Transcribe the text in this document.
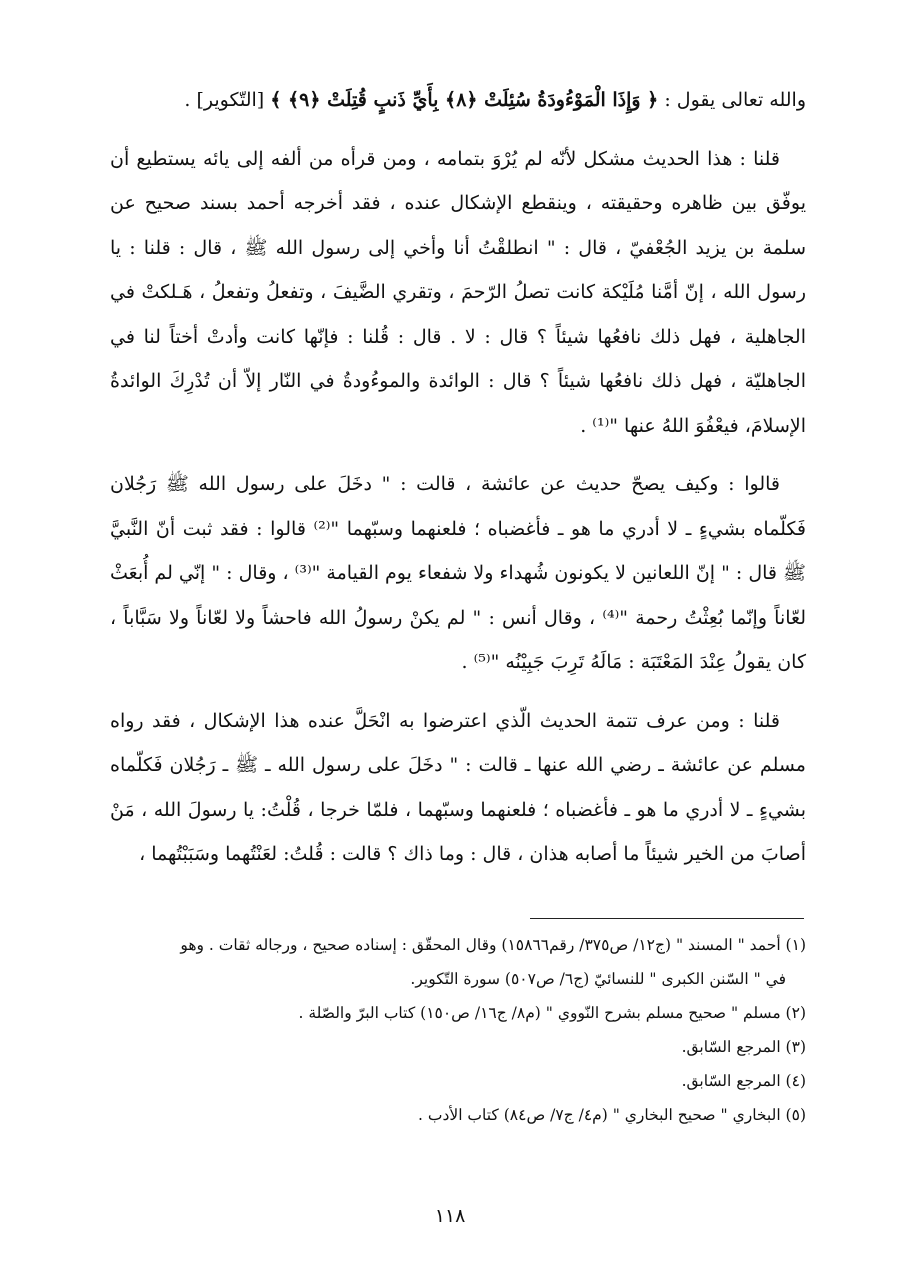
والله تعالى يقول : ﴿ وَإِذَا الْمَوْءُودَةُ سُئِلَتْ ﴿٨﴾ بِأَيِّ ذَنبٍ قُتِلَتْ ﴿٩﴾ ﴾ [التّكوير] .

قلنا : هذا الحديث مشكل لأنّه لم يُرْوَ بتمامه ، ومن قرأه من ألفه إلى يائه يستطيع أن يوفّق بين ظاهره وحقيقته ، وينقطع الإشكال عنده ، فقد أخرجه أحمد بسند صحيح عن سلمة بن يزيد الجُعْفيّ ، قال : " انطلقْتُ أنا وأخي إلى رسول الله ﷺ ، قال : قلنا : يا رسول الله ، إنّ أمَّنا مُلَيْكة كانت تصلُ الرّحمَ ، وتقري الضَّيفَ ، وتفعلُ وتفعلُ ، هَـلكتْ في الجاهلية ، فهل ذلك نافعُها شيئاً ؟ قال : لا . قال : قُلنا : فإنّها كانت وأدتْ أختاً لنا في الجاهليّة ، فهل ذلك نافعُها شيئاً ؟ قال : الوائدة والموءُودةُ في النّار إلاّ أن تُدْرِكَ الوائدةُ الإسلامَ، فيعْفُوَ اللهُ عنها "⁽¹⁾ .

قالوا : وكيف يصحّ حديث عن عائشة ، قالت : " دخَلَ على رسول الله ﷺ رَجُلان فَكلّماه بشيءٍ ـ لا أدري ما هو ـ فأغضباه ؛ فلعنهما وسبّهما "⁽²⁾ قالوا : فقد ثبت أنّ النَّبيَّ ﷺ قال : " إنّ اللعانين لا يكونون شُهداء ولا شفعاء يوم القيامة "⁽³⁾ ، وقال : " إنّي لم أُبعَثْ لعّاناً وإنّما بُعِثْتُ رحمة "⁽⁴⁾ ، وقال أنس : " لم يكنْ رسولُ الله فاحشاً ولا لعّاناً ولا سَبَّاباً ، كان يقولُ عِنْدَ المَعْتَبَة : مَالَهُ تَرِبَ جَبِيْنُه "⁽⁵⁾ .

قلنا : ومن عرف تتمة الحديث الّذي اعترضوا به انْحَلَّ عنده هذا الإشكال ، فقد رواه مسلم عن عائشة ـ رضي الله عنها ـ قالت : " دخَلَ على رسول الله ـ ﷺ ـ رَجُلان فَكلّماه بشيءٍ ـ لا أدري ما هو ـ فأغضباه ؛ فلعنهما وسبّهما ، فلمّا خرجا ، قُلْتُ: يا رسولَ الله ، مَنْ أصابَ من الخير شيئاً ما أصابه هذان ، قال : وما ذاك ؟ قالت : قُلتُ: لعَنْتُهما وسَبَبْتُهما ،

(١) أحمد " المسند " (ج١٢/ ص٣٧٥/ رقم١٥٨٦٦) وقال المحقّق : إسناده صحيح ، ورجاله ثقات . وهو

في " السّنن الكبرى " للنسائيّ (ج٦/ ص٥٠٧) سورة التّكوير.

(٢) مسلم " صحيح مسلم بشرح النّووي " (م٨/ ج١٦/ ص١٥٠) كتاب البرّ والصّلة .

(٣) المرجع السّابق.

(٤) المرجع السّابق.

(٥) البخاري " صحيح البخاري " (م٤/ ج٧/ ص٨٤) كتاب الأدب .

١١٨
